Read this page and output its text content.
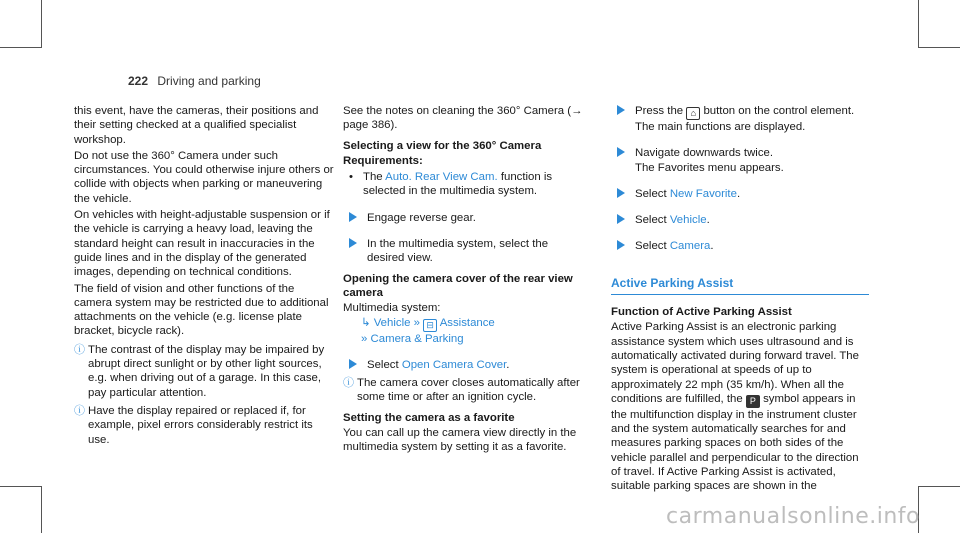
222 Driving and parking

this event, have the cameras, their positions and their setting checked at a qualified specialist workshop.

Do not use the 360° Camera under such circumstances. You could otherwise injure others or collide with objects when parking or maneuvering the vehicle.

On vehicles with height-adjustable suspension or if the vehicle is carrying a heavy load, leaving the standard height can result in inaccuracies in the guide lines and in the display of the generated images, depending on technical conditions.

The field of vision and other functions of the camera system may be restricted due to additional attachments on the vehicle (e.g. license plate bracket, bicycle rack).

ⓘ The contrast of the display may be impaired by abrupt direct sunlight or by other light sources, e.g. when driving out of a garage. In this case, pay particular attention.
ⓘ Have the display repaired or replaced if, for example, pixel errors considerably restrict its use.

See the notes on cleaning the 360° Camera (→ page 386).

Selecting a view for the 360° Camera
Requirements:
• The Auto. Rear View Cam. function is selected in the multimedia system.
Engage reverse gear.
In the multimedia system, select the desired view.
Opening the camera cover of the rear view camera
Multimedia system:
↳ Vehicle » ⊟ Assistance
» Camera & Parking
Select Open Camera Cover.
ⓘ The camera cover closes automatically after some time or after an ignition cycle.
Setting the camera as a favorite

You can call up the camera view directly in the multimedia system by setting it as a favorite.

Press the ⌂ button on the control element.
The main functions are displayed.
Navigate downwards twice.
The Favorites menu appears.
Select New Favorite.
Select Vehicle.
Select Camera.
Active Parking Assist
Function of Active Parking Assist

Active Parking Assist is an electronic parking assistance system which uses ultrasound and is automatically activated during forward travel. The system is operational at speeds of up to approximately 22 mph (35 km/h). When all the conditions are fulfilled, the P symbol appears in the multifunction display in the instrument cluster and the system automatically searches for and measures parking spaces on both sides of the vehicle parallel and perpendicular to the direction of travel. If Active Parking Assist is activated, suitable parking spaces are shown in the

carmanualsonline.info
